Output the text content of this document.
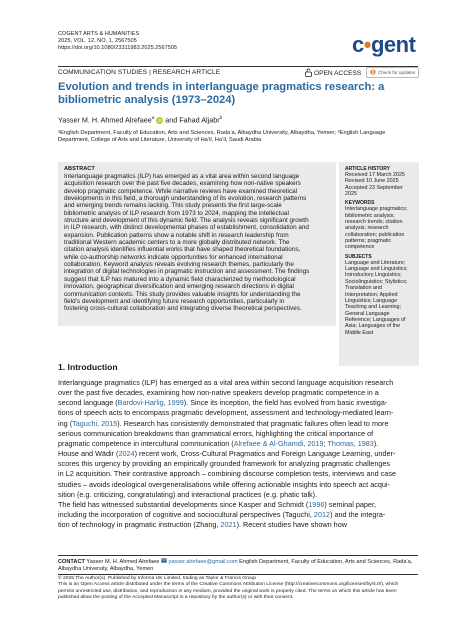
COGENT ARTS & HUMANITIES
2025, VOL. 12, NO. 1, 2567505
https://doi.org/10.1080/23311983.2025.2567505	c•gent
COMMUNICATION STUDIES | RESEARCH ARTICLE	OPEN ACCESS	Check for updates
Evolution and trends in interlanguage pragmatics research: a
bibliometric analysis (1973–2024)
Yasser M. H. Ahmed Alrefaee$^a$ iD and Fahad Aljabr$^b$
ᵃEnglish Department, Faculty of Education, Arts and Sciences, Rada’a, Albaydha University, Albaydha, Yemen; ᵇEnglish Language
Department, College of Arts and Literature, University of Ha’il, Ha’il, Saudi Arabia
ABSTRACT
Interlanguage pragmatics (ILP) has emerged as a vital area within second language
acquisition research over the past five decades, examining how non-native speakers
develop pragmatic competence. While narrative reviews have examined theoretical
developments in this field, a thorough understanding of its evolution, research patterns
and emerging trends remains lacking. This study presents the first large-scale
bibliometric analysis of ILP research from 1973 to 2024, mapping the intellectual
structure and development of this dynamic field. The analysis reveals significant growth
in ILP research, with distinct developmental phases of establishment, consolidation and
expansion. Publication patterns show a notable shift in research leadership from
traditional Western academic centers to a more globally distributed network. The
citation analysis identifies influential works that have shaped theoretical foundations,
while co-authorship networks indicate opportunities for enhanced international
collaboration. Keyword analysis reveals evolving research themes, particularly the
integration of digital technologies in pragmatic instruction and assessment. The findings
suggest that ILP has matured into a dynamic field characterized by methodological
innovation, geographical diversification and emerging research directions in digital
communication contexts. This study provides valuable insights for understanding the
field’s development and identifying future research opportunities, particularly in
fostering cross-cultural collaboration and integrating diverse theoretical perspectives.
ARTICLE HISTORY
Received 17 March 2025
Revised 10 June 2025
Accepted 23 September
2025
KEYWORDS
Interlanguage pragmatics;
bibliometric analysis;
research trends; citation
analysis; research
collaboration; publication
patterns; pragmatic
competence
SUBJECTS
Language and Literature;
Language and Linguistics;
Introductory Linguistics;
Sociolinguistics; Stylistics;
Translation and
Interpretation; Applied
Linguistics; Language
Teaching and Learning;
General Language
Reference; Languages of
Asia; Languages of the
Middle East
1. Introduction
Interlanguage pragmatics (ILP) has emerged as a vital area within second language acquisition research
over the past five decades, examining how non-native speakers develop pragmatic competence in a
second language (Bardovi-Harlig, 1999). Since its inception, the field has evolved from basic investiga-
tions of speech acts to encompass pragmatic development, assessment and technology-mediated learn-
ing (Taguchi, 2015). Research has consistently demonstrated that pragmatic failures often lead to more
serious communication breakdowns than grammatical errors, highlighting the critical importance of
pragmatic competence in intercultural communication (Alrefaee & Al-Ghamdi, 2019; Thomas, 1983).
House and Wädir (2024) recent work, Cross-Cultural Pragmatics and Foreign Language Learning, under-
scores this urgency by providing an empirically grounded framework for analyzing pragmatic challenges
in L2 acquisition. Their contrastive approach – combining discourse completion tests, interviews and case
studies – avoids ideological overgeneralisations while offering actionable insights into speech act acqui-
sition (e.g. criticizing, congratulating) and interactional practices (e.g. phatic talk).
The field has witnessed substantial developments since Kasper and Schmidt (1996) seminal paper,
including the incorporation of cognitive and sociocultural perspectives (Taguchi, 2012) and the integra-
tion of technology in pragmatic instruction (Zhang, 2021). Recent studies have shown how
CONTACT Yasser M. H. Ahmed Alrefaee yasser.alrefaee@gmail.com English Department, Faculty of Education, Arts and Sciences, Rada’a,
Albaydha University, Albaydha, Yemen
© 2025 The Author(s). Published by Informa UK Limited, trading as Taylor & Francis Group
This is an Open Access article distributed under the terms of the Creative Commons Attribution License (http://creativecommons.org/licenses/by/4.0/), which
permits unrestricted use, distribution, and reproduction in any medium, provided the original work is properly cited. The terms on which this article has been
published allow the posting of the Accepted Manuscript in a repository by the author(s) or with their consent.
